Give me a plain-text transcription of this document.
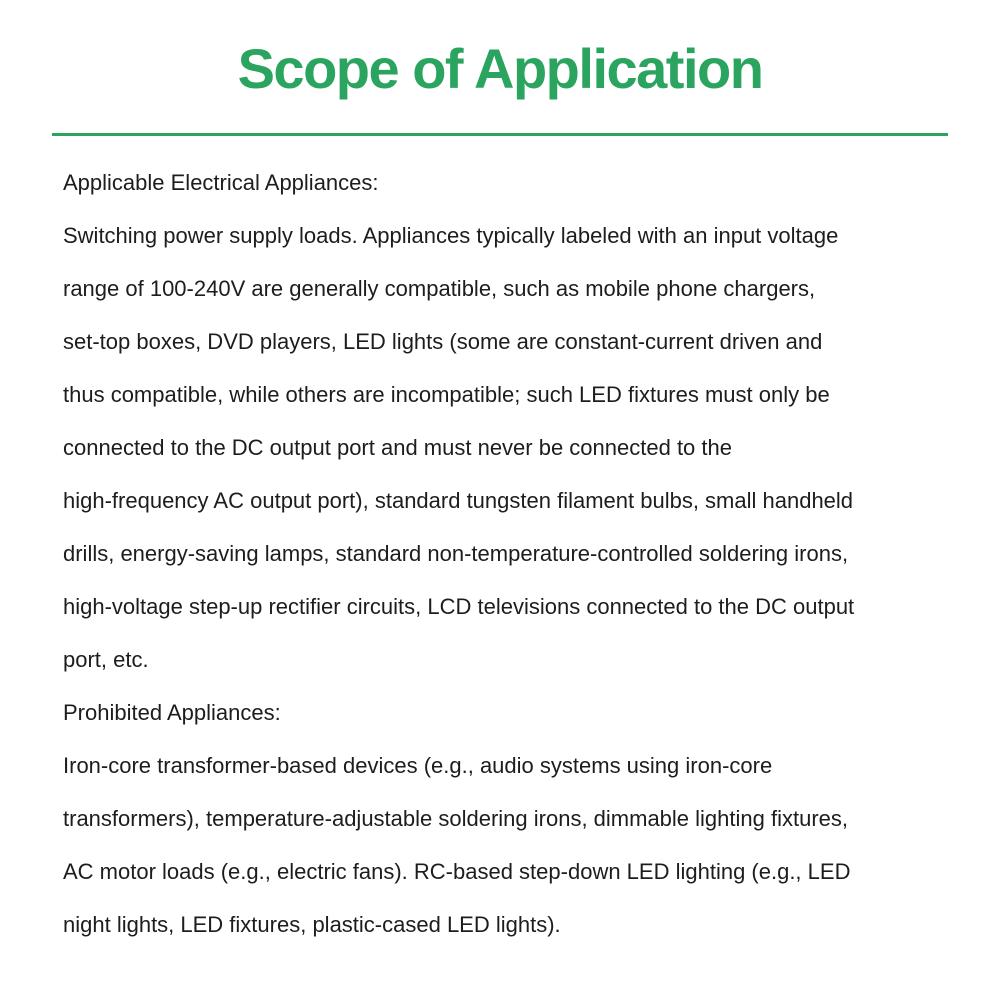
Scope of Application
Applicable Electrical Appliances:
Switching power supply loads. Appliances typically labeled with an input voltage
range of 100-240V are generally compatible, such as mobile phone chargers,
set-top boxes, DVD players, LED lights (some are constant-current driven and
thus compatible, while others are incompatible; such LED fixtures must only be
connected to the DC output port and must never be connected to the
high-frequency AC output port), standard tungsten filament bulbs, small handheld
drills, energy-saving lamps, standard non-temperature-controlled soldering irons,
high-voltage step-up rectifier circuits, LCD televisions connected to the DC output
port, etc.
Prohibited Appliances:
Iron-core transformer-based devices (e.g., audio systems using iron-core
transformers), temperature-adjustable soldering irons, dimmable lighting fixtures,
AC motor loads (e.g., electric fans). RC-based step-down LED lighting (e.g., LED
night lights, LED fixtures, plastic-cased LED lights).
